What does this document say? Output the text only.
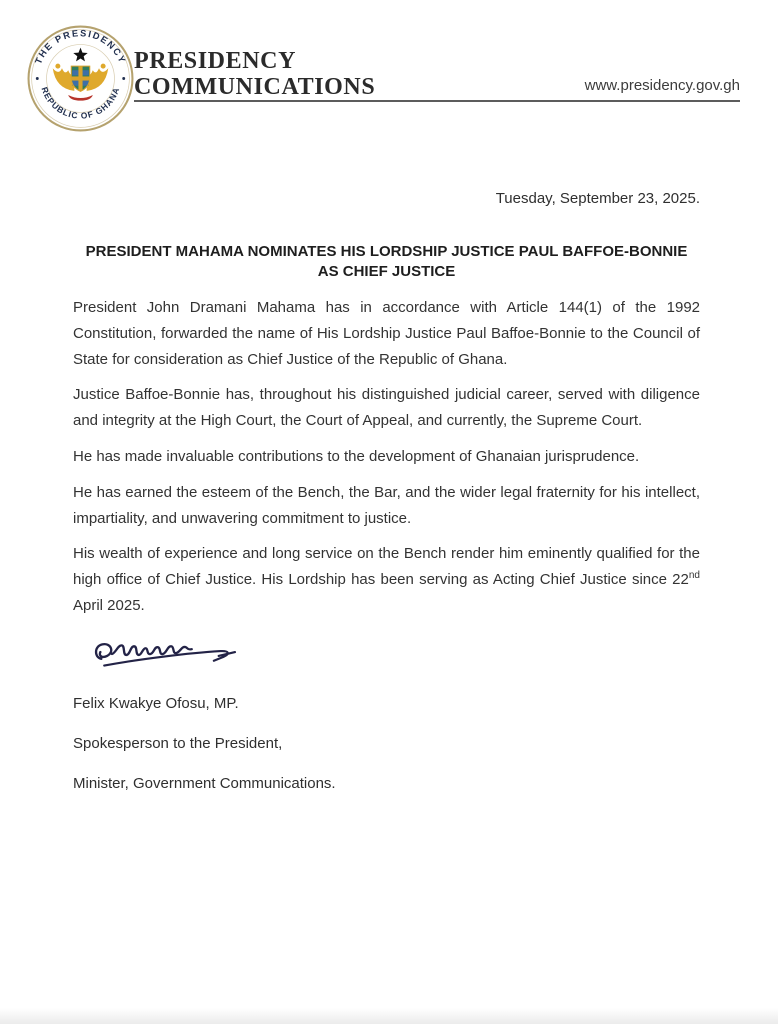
THE PRESIDENCY
REPUBLIC OF GHANA
PRESIDENCY
COMMUNICATIONS	www.presidency.gov.gh

Tuesday, September 23, 2025.

PRESIDENT MAHAMA NOMINATES HIS LORDSHIP JUSTICE PAUL BAFFOE-BONNIE AS CHIEF JUSTICE

President John Dramani Mahama has in accordance with Article 144(1) of the 1992 Constitution, forwarded the name of His Lordship Justice Paul Baffoe-Bonnie to the Council of State for consideration as Chief Justice of the Republic of Ghana.

Justice Baffoe-Bonnie has, throughout his distinguished judicial career, served with diligence and integrity at the High Court, the Court of Appeal, and currently, the Supreme Court.

He has made invaluable contributions to the development of Ghanaian jurisprudence.

He has earned the esteem of the Bench, the Bar, and the wider legal fraternity for his intellect, impartiality, and unwavering commitment to justice.

His wealth of experience and long service on the Bench render him eminently qualified for the high office of Chief Justice. His Lordship has been serving as Acting Chief Justice since 22nd April 2025.

Felix Kwakye Ofosu, MP.

Spokesperson to the President,

Minister, Government Communications.
